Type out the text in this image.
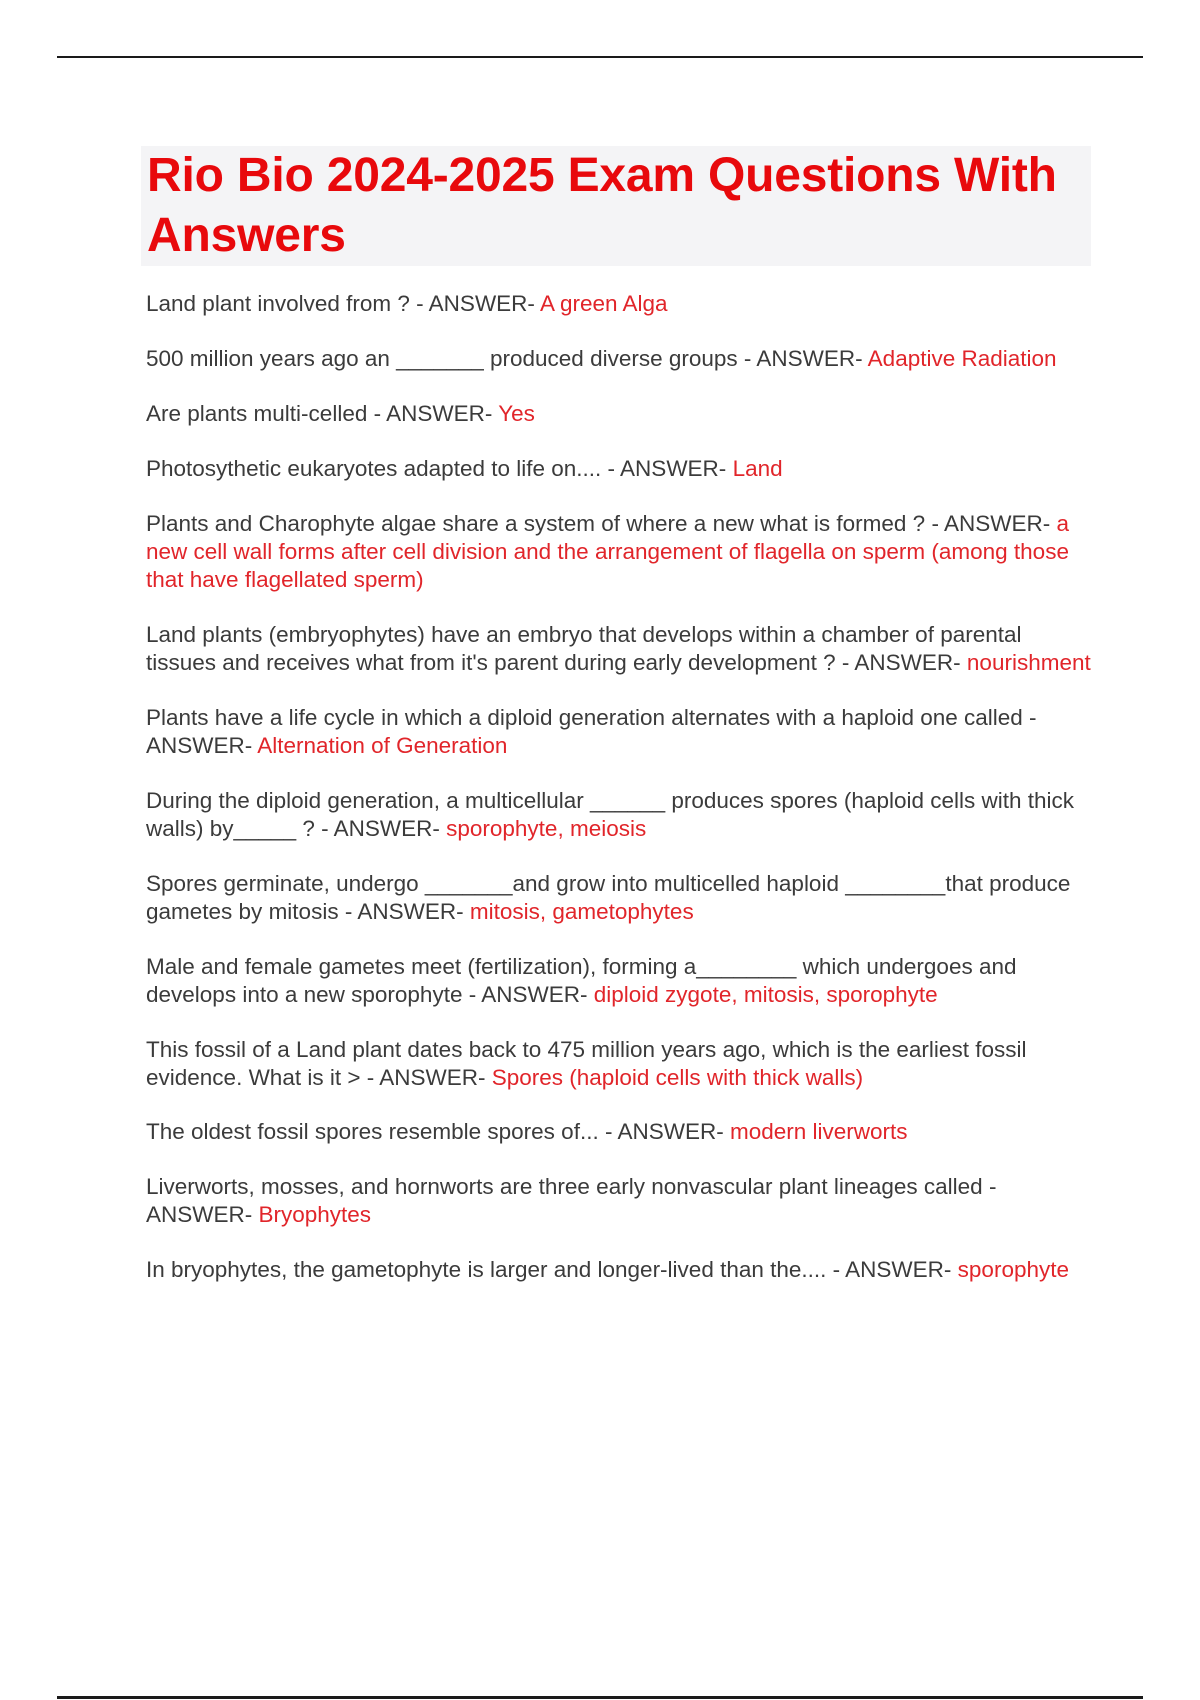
Rio Bio 2024-2025 Exam Questions With Answers
Land plant involved from ? - ANSWER- A green Alga
500 million years ago an _______ produced diverse groups - ANSWER- Adaptive Radiation
Are plants multi-celled - ANSWER- Yes
Photosythetic eukaryotes adapted to life on.... - ANSWER- Land
Plants and Charophyte algae share a system of where a new what is formed ? - ANSWER- a new cell wall forms after cell division and the arrangement of flagella on sperm (among those that have flagellated sperm)
Land plants (embryophytes) have an embryo that develops within a chamber of parental tissues and receives what from it's parent during early development ? - ANSWER- nourishment
Plants have a life cycle in which a diploid generation alternates with a haploid one called - ANSWER- Alternation of Generation
During the diploid generation, a multicellular ______ produces spores (haploid cells with thick walls) by_____ ? - ANSWER- sporophyte, meiosis
Spores germinate, undergo _______and grow into multicelled haploid ________that produce gametes by mitosis - ANSWER- mitosis, gametophytes
Male and female gametes meet (fertilization), forming a________ which undergoes and develops into a new sporophyte - ANSWER- diploid zygote, mitosis, sporophyte
This fossil of a Land plant dates back to 475 million years ago, which is the earliest fossil evidence. What is it > - ANSWER- Spores (haploid cells with thick walls)
The oldest fossil spores resemble spores of... - ANSWER- modern liverworts
Liverworts, mosses, and hornworts are three early nonvascular plant lineages called - ANSWER- Bryophytes
In bryophytes, the gametophyte is larger and longer-lived than the.... - ANSWER- sporophyte
